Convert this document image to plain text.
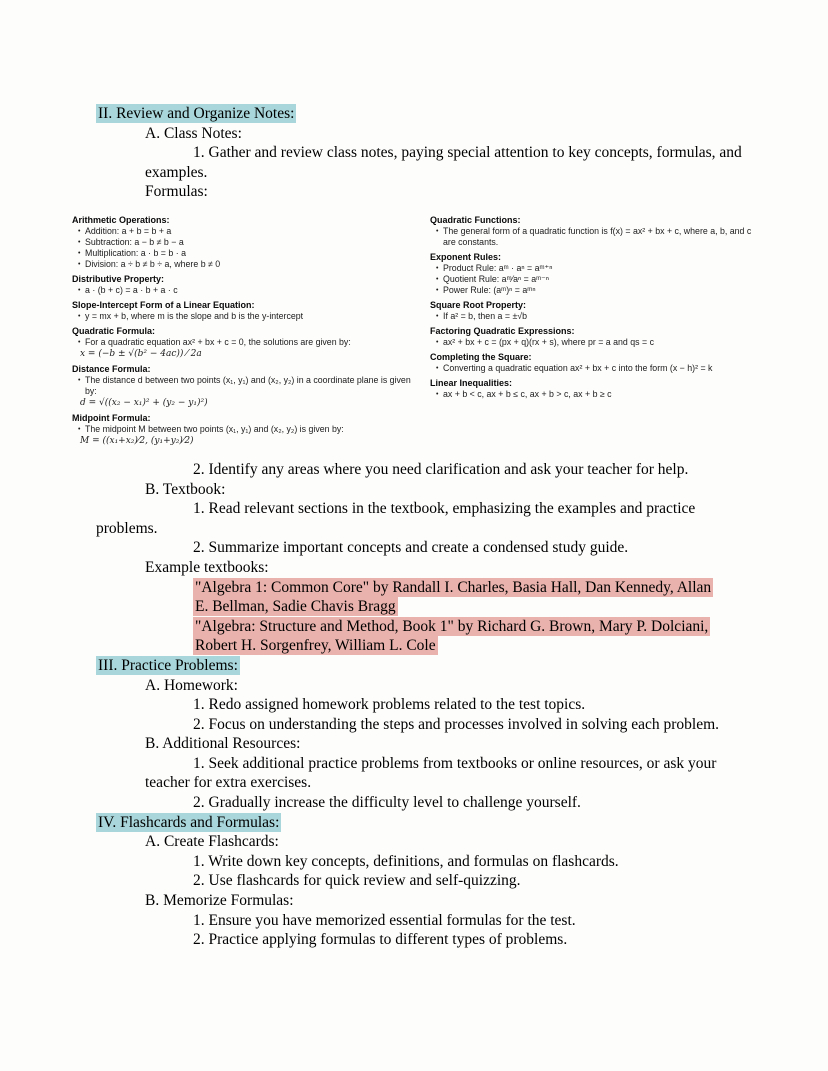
II. Review and Organize Notes:
A. Class Notes:
1. Gather and review class notes, paying special attention to key concepts, formulas, and examples.
Formulas:
Arithmetic Operations:
• Addition: a + b = b + a
• Subtraction: a − b ≠ b − a
• Multiplication: a · b = b · a
• Division: a ÷ b ≠ b ÷ a, where b ≠ 0
Distributive Property:
• a · (b + c) = a · b + a · c
Slope-Intercept Form of a Linear Equation:
• y = mx + b, where m is the slope and b is the y-intercept
Quadratic Formula:
• For a quadratic equation ax² + bx + c = 0, the solutions are given by:
x = (−b ± √(b² − 4ac)) ⁄ 2a
Distance Formula:
• The distance d between two points (x₁, y₁) and (x₂, y₂) in a coordinate plane is given by:
d = √((x₂ − x₁)² + (y₂ − y₁)²)
Midpoint Formula:
• The midpoint M between two points (x₁, y₁) and (x₂, y₂) is given by:
M = ((x₁+x₂)⁄2, (y₁+y₂)⁄2)
Quadratic Functions:
• The general form of a quadratic function is f(x) = ax² + bx + c, where a, b, and c are constants.
Exponent Rules:
• Product Rule: aᵐ · aⁿ = aᵐ⁺ⁿ
• Quotient Rule: aᵐ⁄aⁿ = aᵐ⁻ⁿ
• Power Rule: (aᵐ)ⁿ = aᵐⁿ
Square Root Property:
• If a² = b, then a = ±√b
Factoring Quadratic Expressions:
• ax² + bx + c = (px + q)(rx + s), where pr = a and qs = c
Completing the Square:
• Converting a quadratic equation ax² + bx + c into the form (x − h)² = k
Linear Inequalities:
• ax + b < c, ax + b ≤ c, ax + b > c, ax + b ≥ c
2. Identify any areas where you need clarification and ask your teacher for help.
B. Textbook:
1. Read relevant sections in the textbook, emphasizing the examples and practice problems.
2. Summarize important concepts and create a condensed study guide.
Example textbooks:
"Algebra 1: Common Core" by Randall I. Charles, Basia Hall, Dan Kennedy, Allan E. Bellman, Sadie Chavis Bragg
"Algebra: Structure and Method, Book 1" by Richard G. Brown, Mary P. Dolciani, Robert H. Sorgenfrey, William L. Cole
III. Practice Problems:
A. Homework:
1. Redo assigned homework problems related to the test topics.
2. Focus on understanding the steps and processes involved in solving each problem.
B. Additional Resources:
1. Seek additional practice problems from textbooks or online resources, or ask your teacher for extra exercises.
2. Gradually increase the difficulty level to challenge yourself.
IV. Flashcards and Formulas:
A. Create Flashcards:
1. Write down key concepts, definitions, and formulas on flashcards.
2. Use flashcards for quick review and self-quizzing.
B. Memorize Formulas:
1. Ensure you have memorized essential formulas for the test.
2. Practice applying formulas to different types of problems.
